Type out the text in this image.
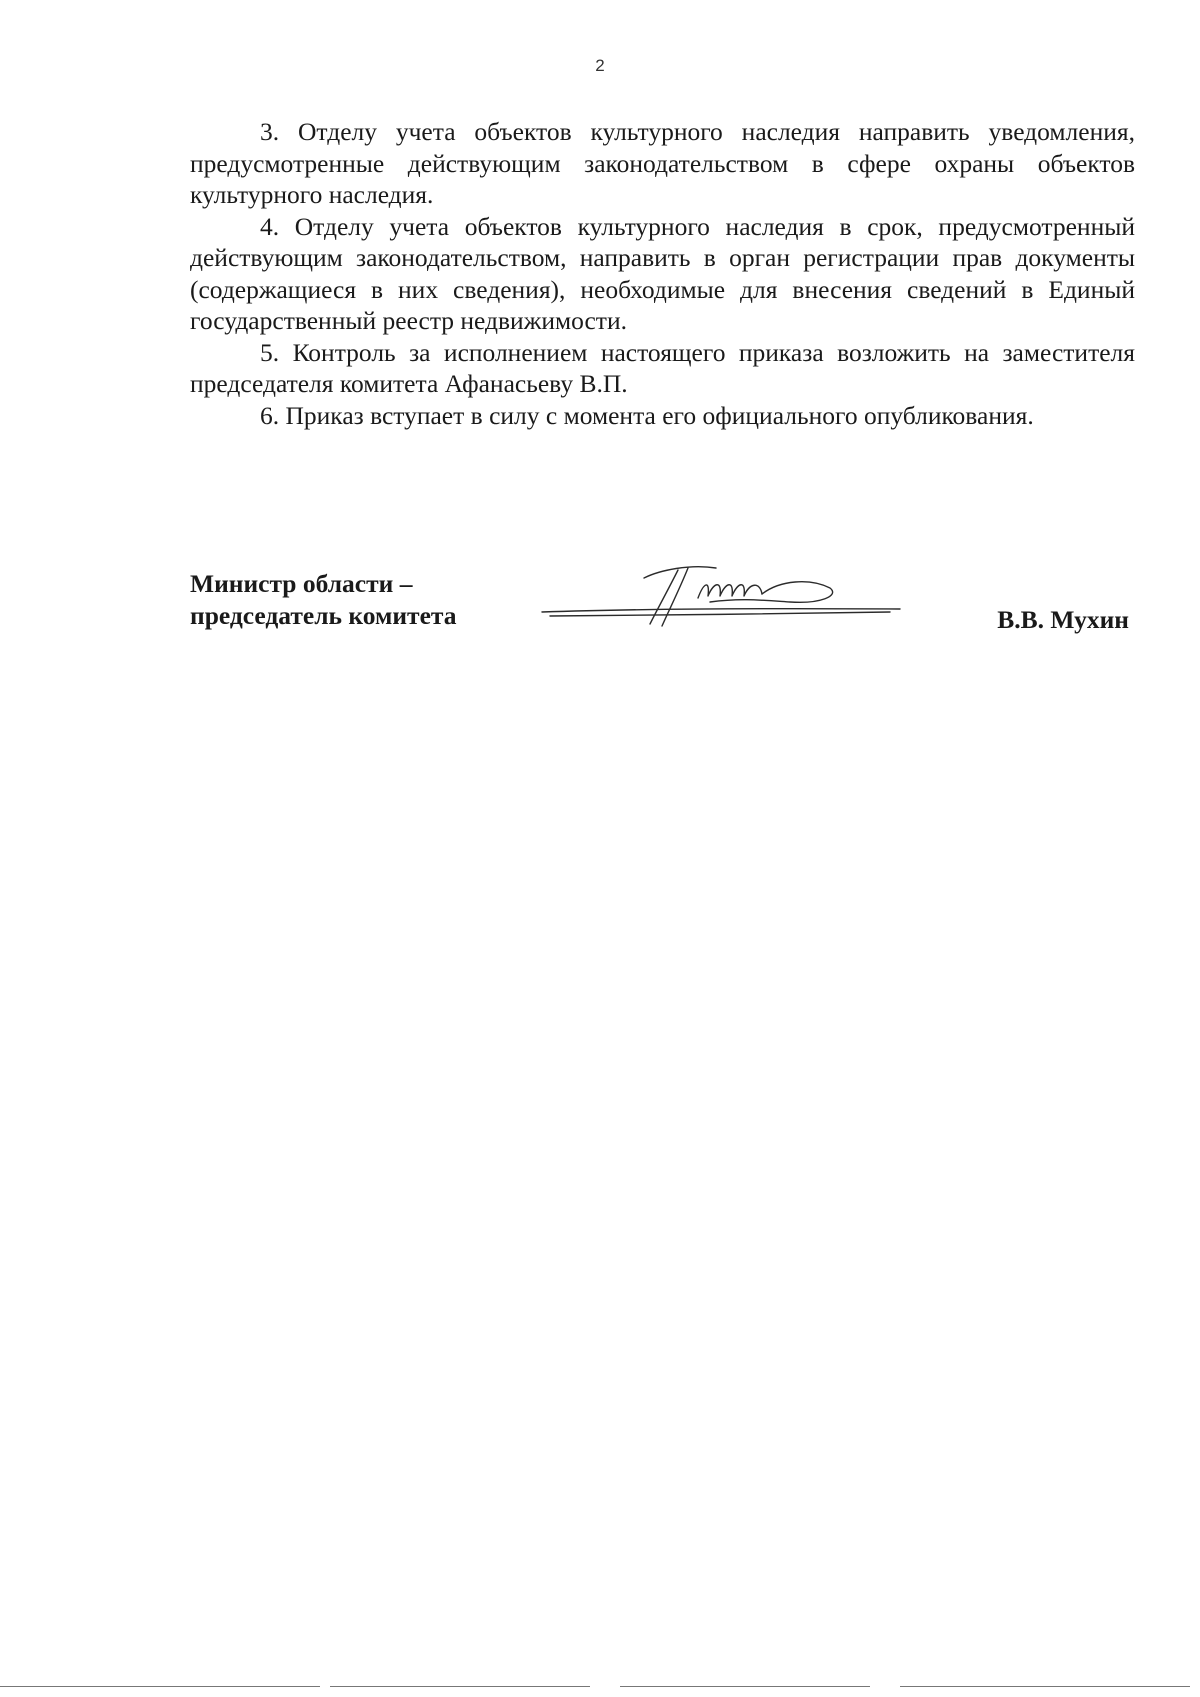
2

3. Отделу учета объектов культурного наследия направить уведомления, предусмотренные действующим законодательством в сфере охраны объектов культурного наследия.

4. Отделу учета объектов культурного наследия в срок, предусмотренный действующим законодательством, направить в орган регистрации прав документы (содержащиеся в них сведения), необходимые для внесения сведений в Единый государственный реестр недвижимости.

5. Контроль за исполнением настоящего приказа возложить на заместителя председателя комитета Афанасьеву В.П.

6. Приказ вступает в силу с момента его официального опубликования.

Министр области –
председатель комитета	В.В. Мухин
